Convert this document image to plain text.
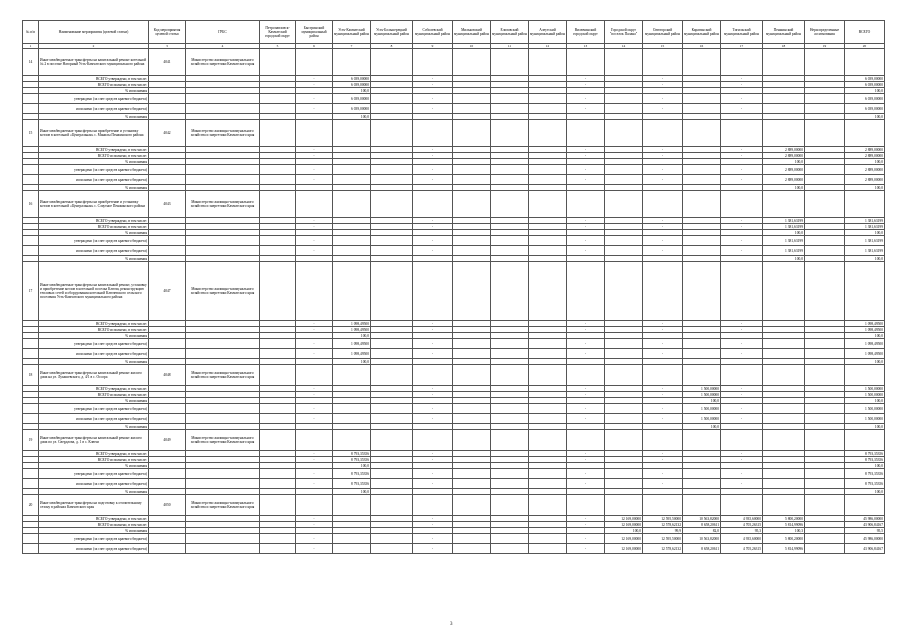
№ п/п	Наименование мероприятия (целевой статьи)	Код мероприятия целевой статьи	ГРБС	Петропавловск-Камчатский городской округ	Быстринский муниципальный район	Усть-Камчатский муниципальный район	Усть-Большерецкий муниципальный район	Соболевский муниципальный район	Мильковский муниципальный район	Елизовский муниципальный район	Алеутский муниципальный район	Вилючинский городской округ	Городской округ "поселок Палана"	Олюторский муниципальный район	Карагинский муниципальный район	Тигильский муниципальный район	Пенжинский муниципальный район	Нераспределенные ассигнования	ВСЕГО
1	2	3	4	5	6	7	8	9	10	11	12	13	14	15	16	17	18	19	20
14	Иные межбюджетные трансферты на капитальный ремонт котельной № 2 в поселке Нагорный Усть-Камчатского муниципального района	4041	Министерство жилищно-коммунального хозяйства и энергетики Камчатского края																
	ВСЕГО утверждено, в том числе:				-	6 039,00000		-				-		-		-			6 039,00000
	ВСЕГО исполнено, в том числе:				-	6 039,00000		-				-		-		-			6 039,00000
	% исполнения					100,0													100,0
	утверждено (за счет средств краевого бюджета)				-	6 039,00000		-				-		-		-			6 039,00000
	исполнено (за счет средств краевого бюджета)				-	6 039,00000		-				-		-		-			6 039,00000
	% исполнения					100,0													100,0
15	Иные межбюджетные трансферты на приобретение и установку котлов в котельной «Центральная» с. Манилы Пенжинского района	4042	Министерство жилищно-коммунального хозяйства и энергетики Камчатского края																
	ВСЕГО утверждено, в том числе:				-			-				-		-		-	2 889,00000		2 889,00000
	ВСЕГО исполнено, в том числе:				-			-				-		-		-	2 889,00000		2 889,00000
	% исполнения																100,0		100,0
	утверждено (за счет средств краевого бюджета)				-			-				-		-		-	2 889,00000		2 889,00000
	исполнено (за счет средств краевого бюджета)				-			-				-		-		-	2 889,00000		2 889,00000
	% исполнения																100,0		100,0
16	Иные межбюджетные трансферты на приобретение и установку котлов в котельной «Центральная» с. Слаутное Пенжинского района	4043	Министерство жилищно-коммунального хозяйства и энергетики Камчатского края																
	ВСЕГО утверждено, в том числе:				-			-				-		-		-	1 381,63199		1 381,63199
	ВСЕГО исполнено, в том числе:				-			-				-		-		-	1 381,63199		1 381,63199
	% исполнения																100,0		100,0
	утверждено (за счет средств краевого бюджета)				-			-				-		-		-	1 381,63199		1 381,63199
	исполнено (за счет средств краевого бюджета)				-			-				-		-		-	1 381,63199		1 381,63199
	% исполнения																100,0		100,0
17	Иные межбюджетные трансферты на капитальный ремонт, установку и приобретение котлов в котельной поселка Ключи, реконструкцию тепловых сетей и оборудования котельной Ключевского сельского поселения Усть-Камчатского муниципального района	4047	Министерство жилищно-коммунального хозяйства и энергетики Камчатского края																
	ВСЕГО утверждено, в том числе:				-	1 098,49500		-				-		-		-			1 098,49500
	ВСЕГО исполнено, в том числе:				-	1 098,49500		-				-		-		-			1 098,49500
	% исполнения					100,0													100,0
	утверждено (за счет средств краевого бюджета)				-	1 098,49500		-				-		-		-			1 098,49500
	исполнено (за счет средств краевого бюджета)				-	1 098,49500		-				-		-		-			1 098,49500
	% исполнения					100,0													100,0
18	Иные межбюджетные трансферты на капитальный ремонт жилого дома на ул. Лукашевского, д. 4/1 в с. Оссора	4048	Министерство жилищно-коммунального хозяйства и энергетики Камчатского края																
	ВСЕГО утверждено, в том числе:				-			-				-		-	1 500,00000	-			1 500,00000
	ВСЕГО исполнено, в том числе:				-			-				-		-	1 500,00000	-			1 500,00000
	% исполнения														100,0				100,0
	утверждено (за счет средств краевого бюджета)				-			-				-		-	1 500,00000	-			1 500,00000
	исполнено (за счет средств краевого бюджета)				-			-				-		-	1 500,00000	-			1 500,00000
	% исполнения														100,0				100,0
19	Иные межбюджетные трансферты на капитальный ремонт жилого дома по ул. Свердлова, д. 1 в с. Ключи	4049	Министерство жилищно-коммунального хозяйства и энергетики Камчатского края																
	ВСЕГО утверждено, в том числе:				-	8 793,35356		-				-		-		-			8 793,35356
	ВСЕГО исполнено, в том числе:				-	8 793,35356		-				-		-		-			8 793,35356
	% исполнения					100,0													100,0
	утверждено (за счет средств краевого бюджета)				-	8 793,35356		-				-		-		-			8 793,35356
	исполнено (за счет средств краевого бюджета)				-	8 793,35356		-				-		-		-			8 793,35356
	% исполнения					100,0													100,0
20	Иные межбюджетные трансферты на подготовку к отопительному сезону в районах Камчатского края	4050	Министерство жилищно-коммунального хозяйства и энергетики Камчатского края																
	ВСЕГО утверждено, в том числе:				-			-				-	12 169,00000	12 595,50000	10 563,82000	4 935,60000	5 800,20000		45 986,00000
	ВСЕГО исполнено, в том числе:				-			-				-	12 169,00000	12 578,62132	8 658,20611	4 705,26315	5 814,99096		43 906,84167
	% исполнения												100,0	99,9	82,0	95,3	100,3		95,5
	утверждено (за счет средств краевого бюджета)				-			-				-	12 169,00000	12 595,50000	10 563,82000	4 935,60000	5 800,20000		45 986,00000
	исполнено (за счет средств краевого бюджета)				-			-				-	12 169,00000	12 578,62132	8 658,20611	4 705,26315	5 814,99096		43 906,84167
3
